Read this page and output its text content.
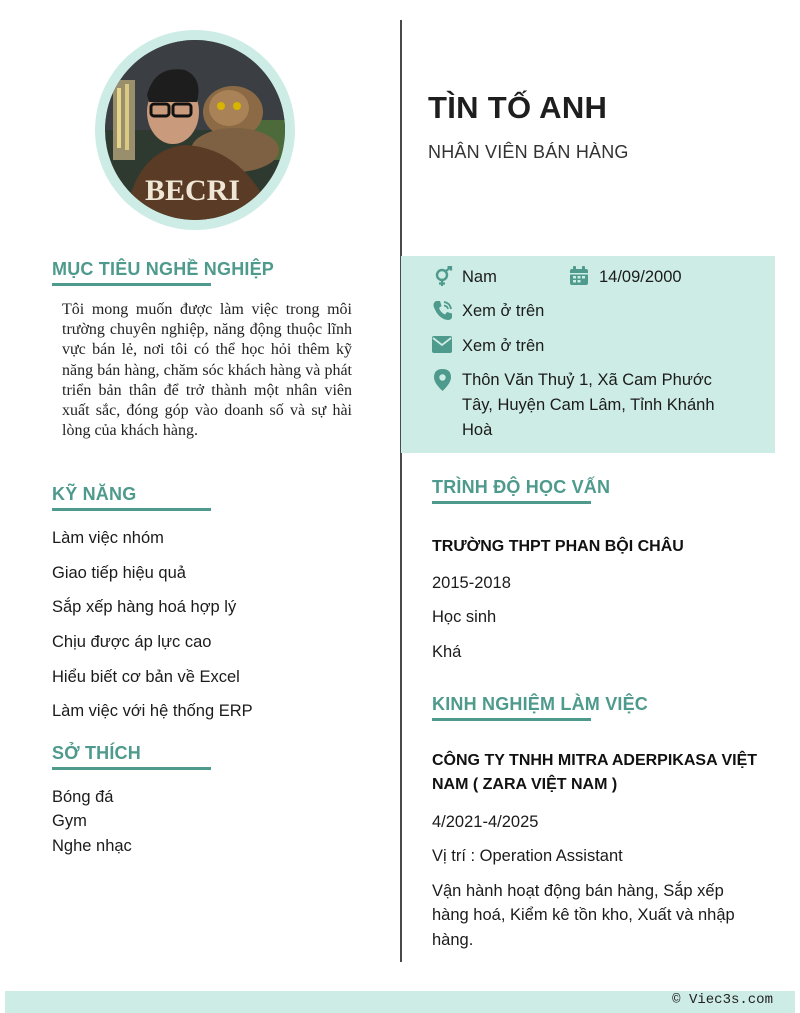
BECRI
MỤC TIÊU NGHỀ NGHIỆP
Tôi mong muốn được làm việc trong môi trường chuyên nghiệp, năng động thuộc lĩnh vực bán lẻ, nơi tôi có thể học hỏi thêm kỹ năng bán hàng, chăm sóc khách hàng và phát triển bản thân để trở thành một nhân viên xuất sắc, đóng góp vào doanh số và sự hài lòng của khách hàng.
KỸ NĂNG
Làm việc nhóm
Giao tiếp hiệu quả
Sắp xếp hàng hoá hợp lý
Chịu được áp lực cao
Hiểu biết cơ bản về Excel
Làm việc với hệ thống ERP
SỞ THÍCH
Bóng đá
Gym
Nghe nhạc
TÌN TỐ ANH
NHÂN VIÊN BÁN HÀNG
Nam	14/09/2000
Xem ở trên
Xem ở trên
Thôn Văn Thuỷ 1, Xã Cam Phước
Tây, Huyện Cam Lâm, Tỉnh Khánh
Hoà
TRÌNH ĐỘ HỌC VẤN
TRƯỜNG THPT PHAN BỘI CHÂU
2015-2018
Học sinh
Khá
KINH NGHIỆM LÀM VIỆC
CÔNG TY TNHH MITRA ADERPIKASA VIỆT
NAM ( ZARA VIỆT NAM )
4/2021-4/2025
Vị trí : Operation Assistant
Vận hành hoạt động bán hàng, Sắp xếp
hàng hoá, Kiểm kê tồn kho, Xuất và nhập
hàng.
© Viec3s.com
